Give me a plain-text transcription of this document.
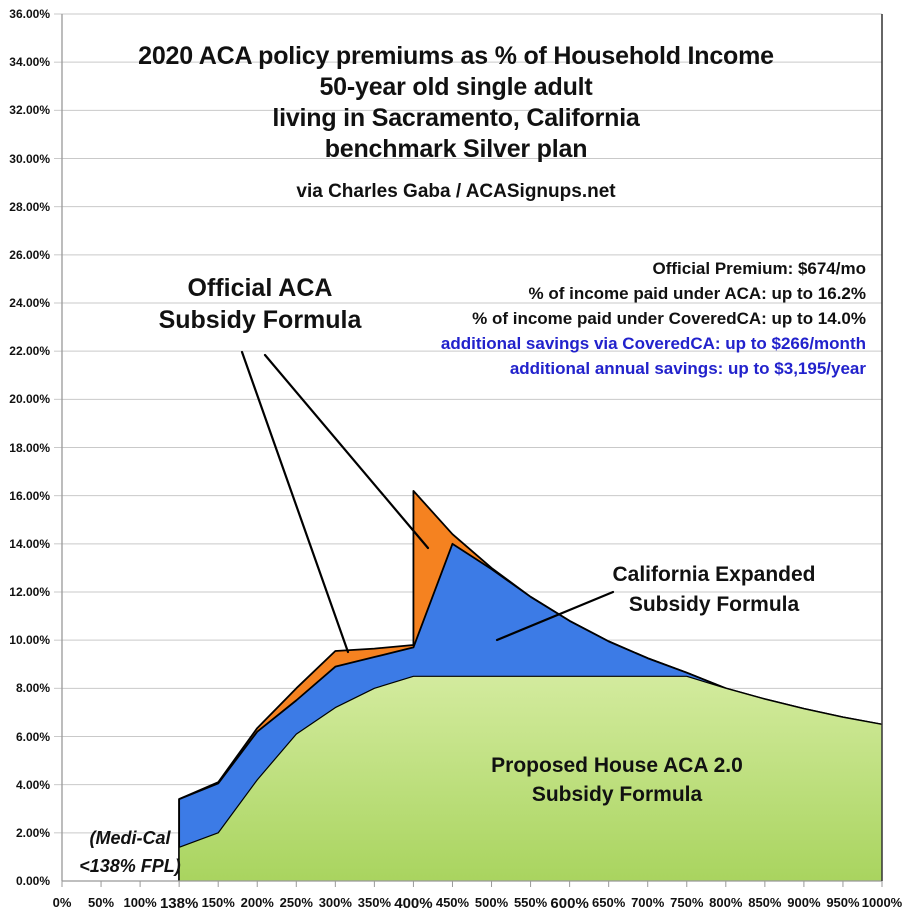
2020 ACA policy premiums as % of Household Income
50-year old single adult
living in Sacramento, California
benchmark Silver plan
via Charles Gaba / ACASignups.net
Official Premium: $674/mo
% of income paid under ACA: up to 16.2%
% of income paid under CoveredCA: up to 14.0%
additional savings via CoveredCA: up to $266/month
additional annual savings: up to $3,195/year
Official ACA
Subsidy Formula
California Expanded
Subsidy Formula
Proposed House ACA 2.0
Subsidy Formula
(Medi-Cal
<138% FPL)
0.00%
2.00%
4.00%
6.00%
8.00%
10.00%
12.00%
14.00%
16.00%
18.00%
20.00%
22.00%
24.00%
26.00%
28.00%
30.00%
32.00%
34.00%
36.00%
0% 50% 100% 138% 150% 200% 250% 300% 350% 400% 450% 500% 550% 600% 650% 700% 750% 800% 850% 900% 950% 1000%
